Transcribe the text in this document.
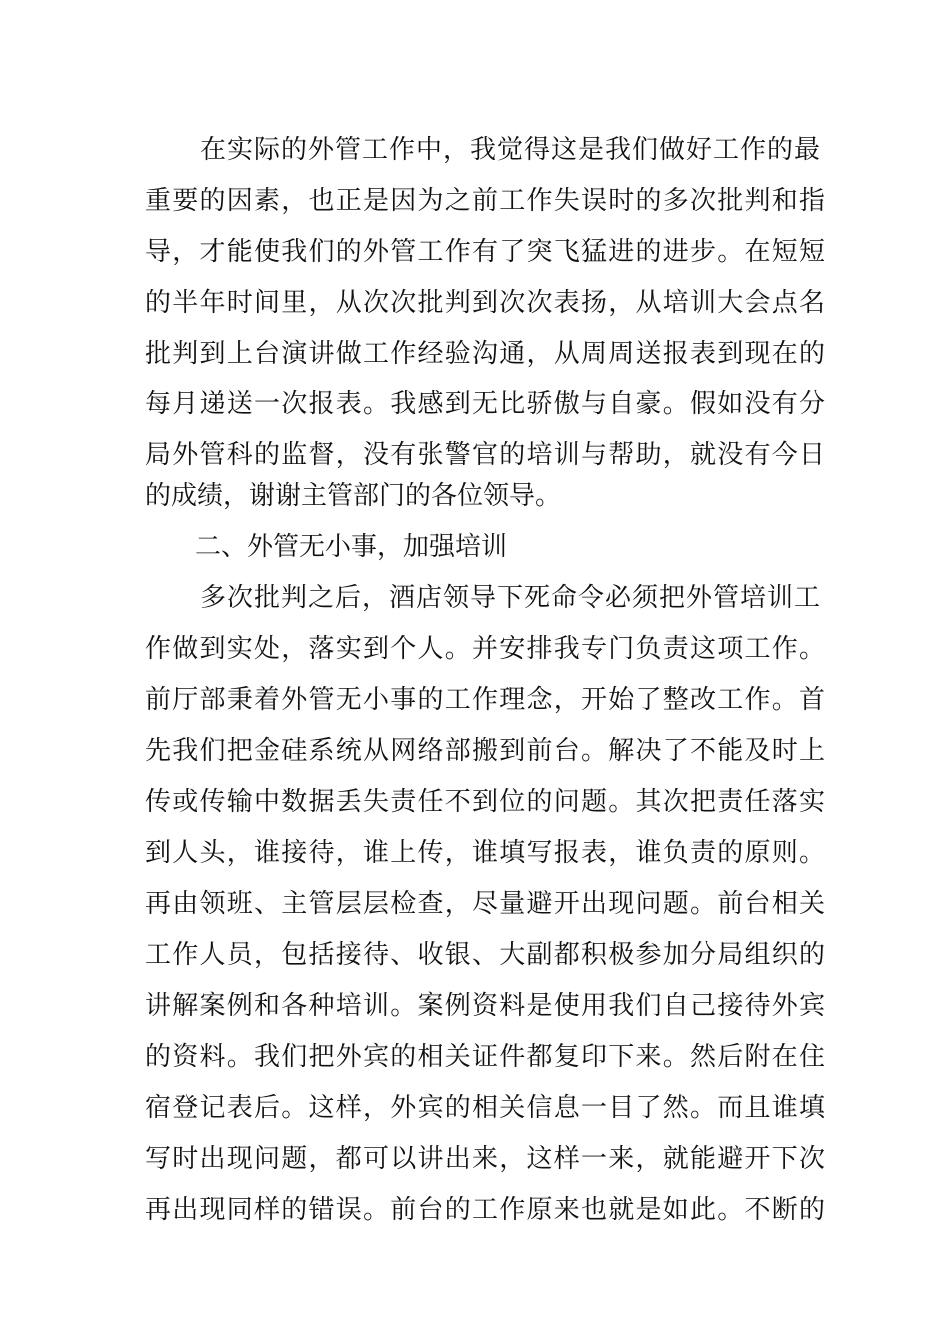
在实际的外管工作中，我觉得这是我们做好工作的最
重要的因素，也正是因为之前工作失误时的多次批判和指
导，才能使我们的外管工作有了突飞猛进的进步。在短短
的半年时间里，从次次批判到次次表扬，从培训大会点名
批判到上台演讲做工作经验沟通，从周周送报表到现在的
每月递送一次报表。我感到无比骄傲与自豪。假如没有分
局外管科的监督，没有张警官的培训与帮助，就没有今日
的成绩，谢谢主管部门的各位领导。
二、外管无小事，加强培训
多次批判之后，酒店领导下死命令必须把外管培训工
作做到实处，落实到个人。并安排我专门负责这项工作。
前厅部秉着外管无小事的工作理念，开始了整改工作。首
先我们把金硅系统从网络部搬到前台。解决了不能及时上
传或传输中数据丢失责任不到位的问题。其次把责任落实
到人头，谁接待，谁上传，谁填写报表，谁负责的原则。
再由领班、主管层层检查，尽量避开出现问题。前台相关
工作人员，包括接待、收银、大副都积极参加分局组织的
讲解案例和各种培训。案例资料是使用我们自己接待外宾
的资料。我们把外宾的相关证件都复印下来。然后附在住
宿登记表后。这样，外宾的相关信息一目了然。而且谁填
写时出现问题，都可以讲出来，这样一来，就能避开下次
再出现同样的错误。前台的工作原来也就是如此。不断的
